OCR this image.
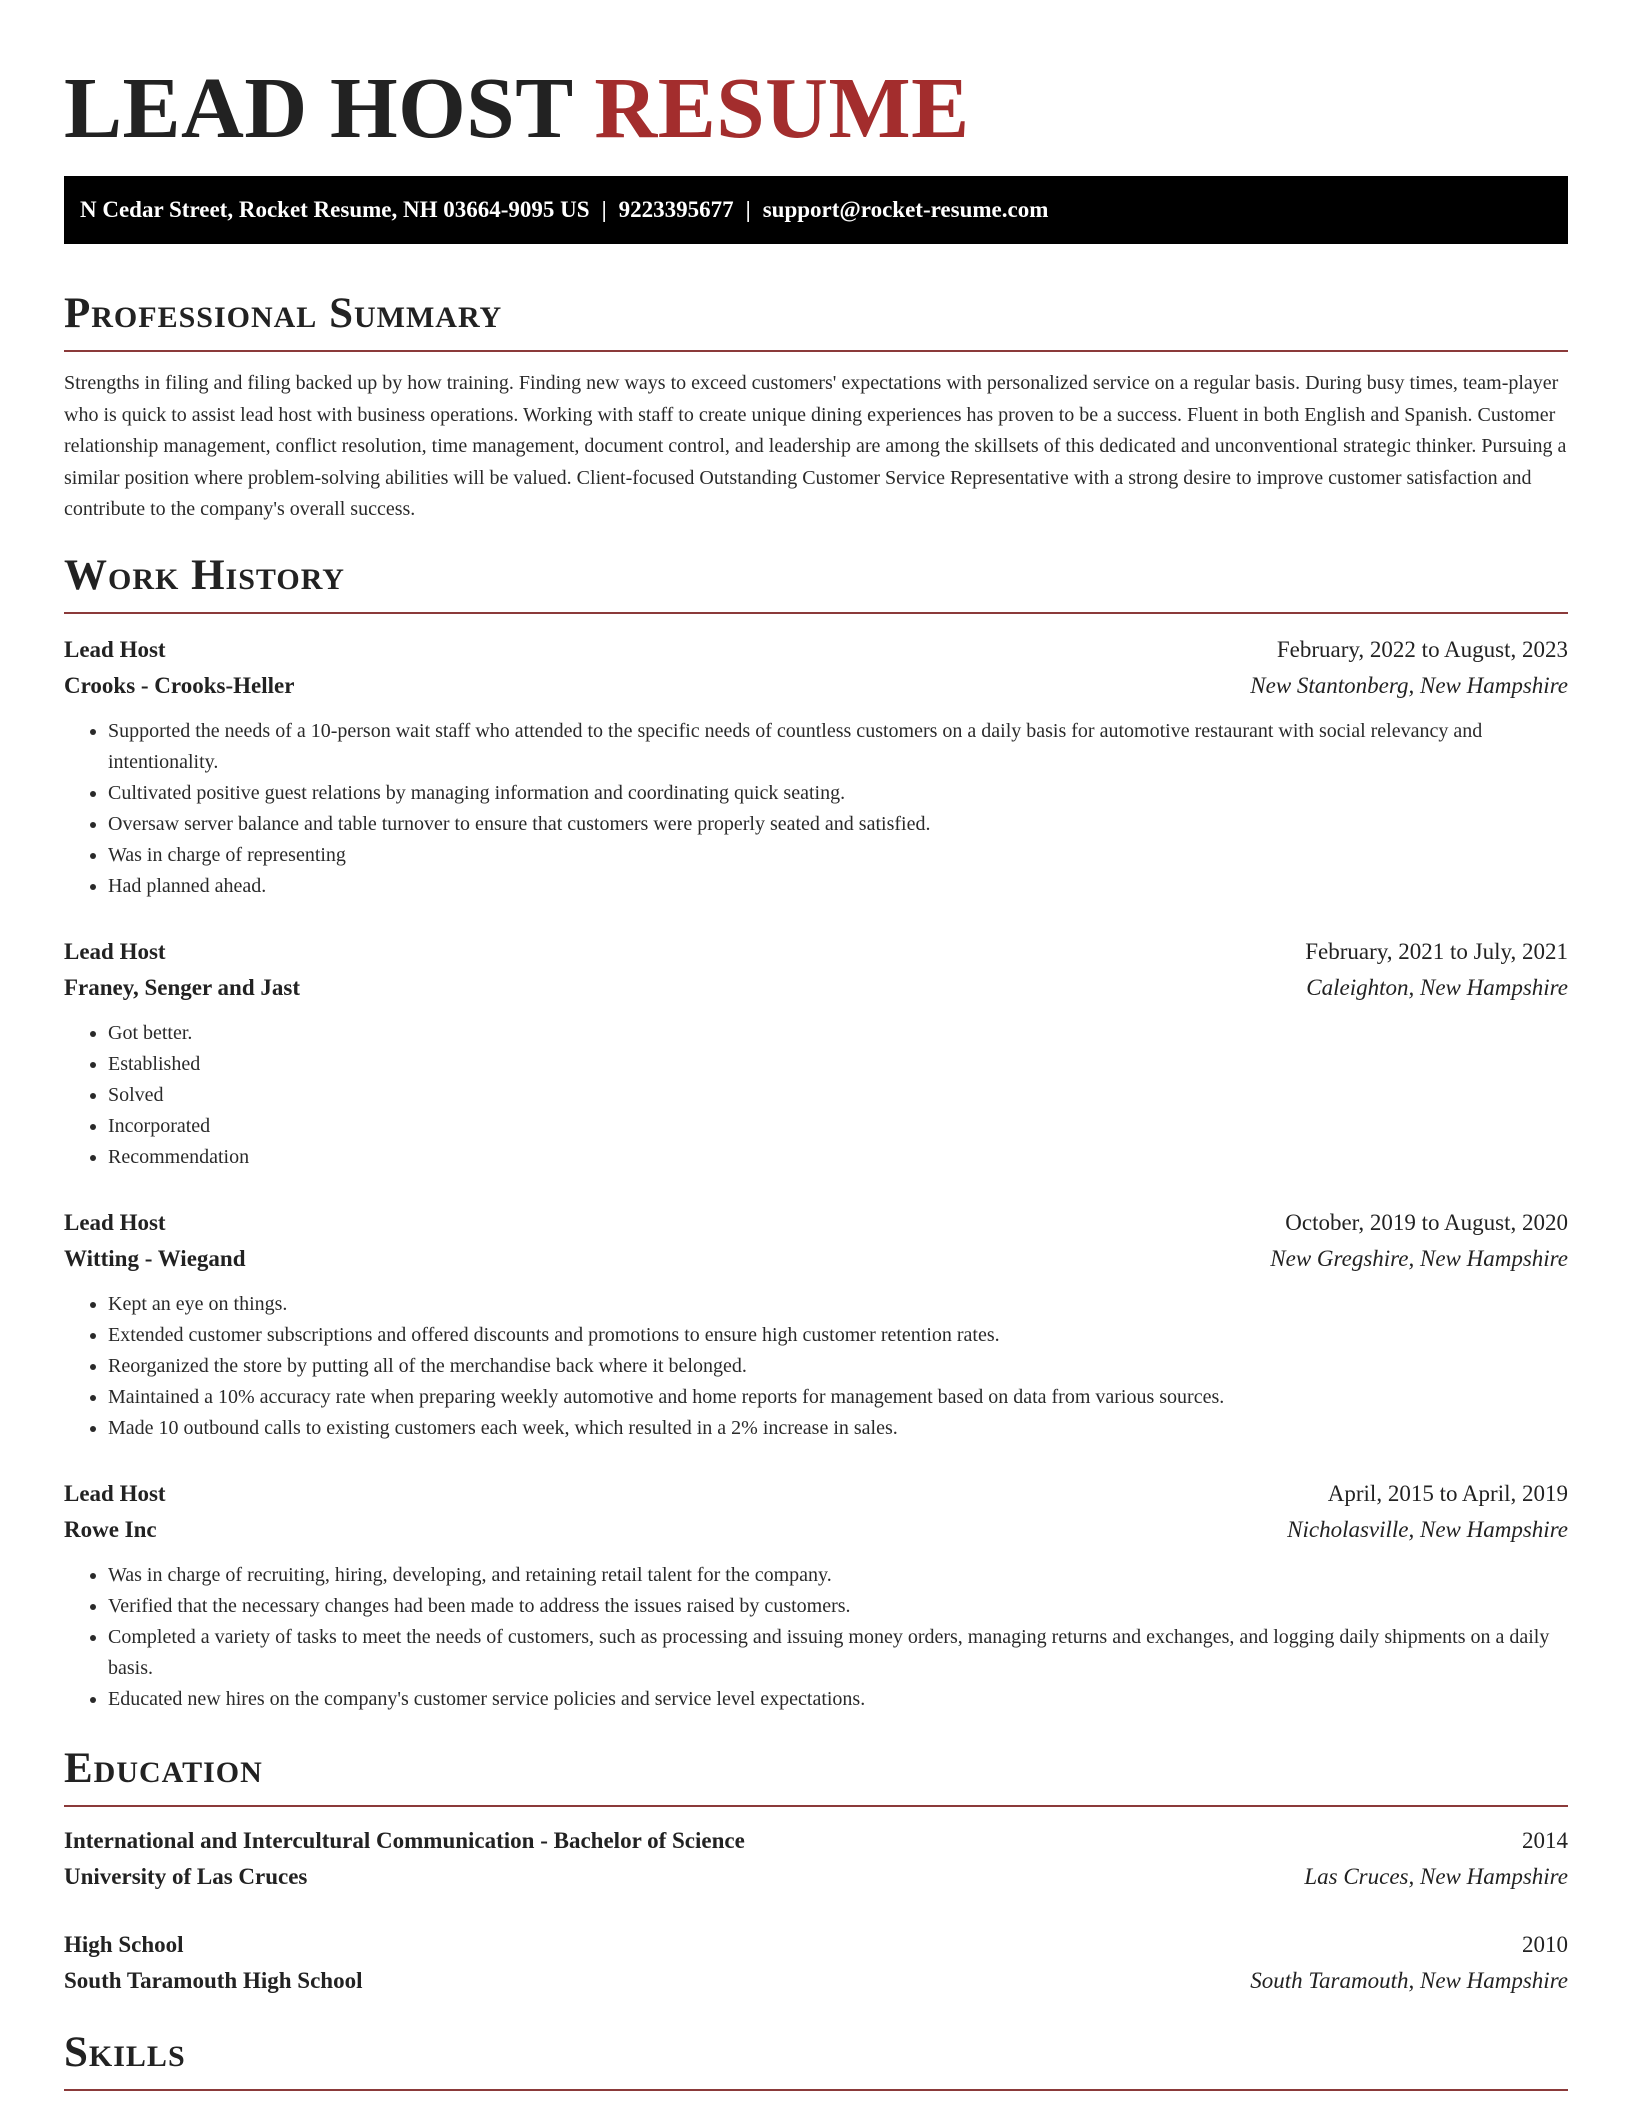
LEAD HOST RESUME
N Cedar Street, Rocket Resume, NH 03664-9095 US | 9223395677 | support@rocket-resume.com
Professional Summary
Strengths in filing and filing backed up by how training. Finding new ways to exceed customers' expectations with personalized service on a regular basis. During busy times, team-player who is quick to assist lead host with business operations. Working with staff to create unique dining experiences has proven to be a success. Fluent in both English and Spanish. Customer relationship management, conflict resolution, time management, document control, and leadership are among the skillsets of this dedicated and unconventional strategic thinker. Pursuing a similar position where problem-solving abilities will be valued. Client-focused Outstanding Customer Service Representative with a strong desire to improve customer satisfaction and contribute to the company's overall success.
Work History
Lead Host	February, 2022 to August, 2023
Crooks - Crooks-Heller	New Stantonberg, New Hampshire
• Supported the needs of a 10-person wait staff who attended to the specific needs of countless customers on a daily basis for automotive restaurant with social relevancy and intentionality.
• Cultivated positive guest relations by managing information and coordinating quick seating.
• Oversaw server balance and table turnover to ensure that customers were properly seated and satisfied.
• Was in charge of representing
• Had planned ahead.
Lead Host	February, 2021 to July, 2021
Franey, Senger and Jast	Caleighton, New Hampshire
• Got better.
• Established
• Solved
• Incorporated
• Recommendation
Lead Host	October, 2019 to August, 2020
Witting - Wiegand	New Gregshire, New Hampshire
• Kept an eye on things.
• Extended customer subscriptions and offered discounts and promotions to ensure high customer retention rates.
• Reorganized the store by putting all of the merchandise back where it belonged.
• Maintained a 10% accuracy rate when preparing weekly automotive and home reports for management based on data from various sources.
• Made 10 outbound calls to existing customers each week, which resulted in a 2% increase in sales.
Lead Host	April, 2015 to April, 2019
Rowe Inc	Nicholasville, New Hampshire
• Was in charge of recruiting, hiring, developing, and retaining retail talent for the company.
• Verified that the necessary changes had been made to address the issues raised by customers.
• Completed a variety of tasks to meet the needs of customers, such as processing and issuing money orders, managing returns and exchanges, and logging daily shipments on a daily basis.
• Educated new hires on the company's customer service policies and service level expectations.
Education
International and Intercultural Communication - Bachelor of Science	2014
University of Las Cruces	Las Cruces, New Hampshire
High School	2010
South Taramouth High School	South Taramouth, New Hampshire
Skills
